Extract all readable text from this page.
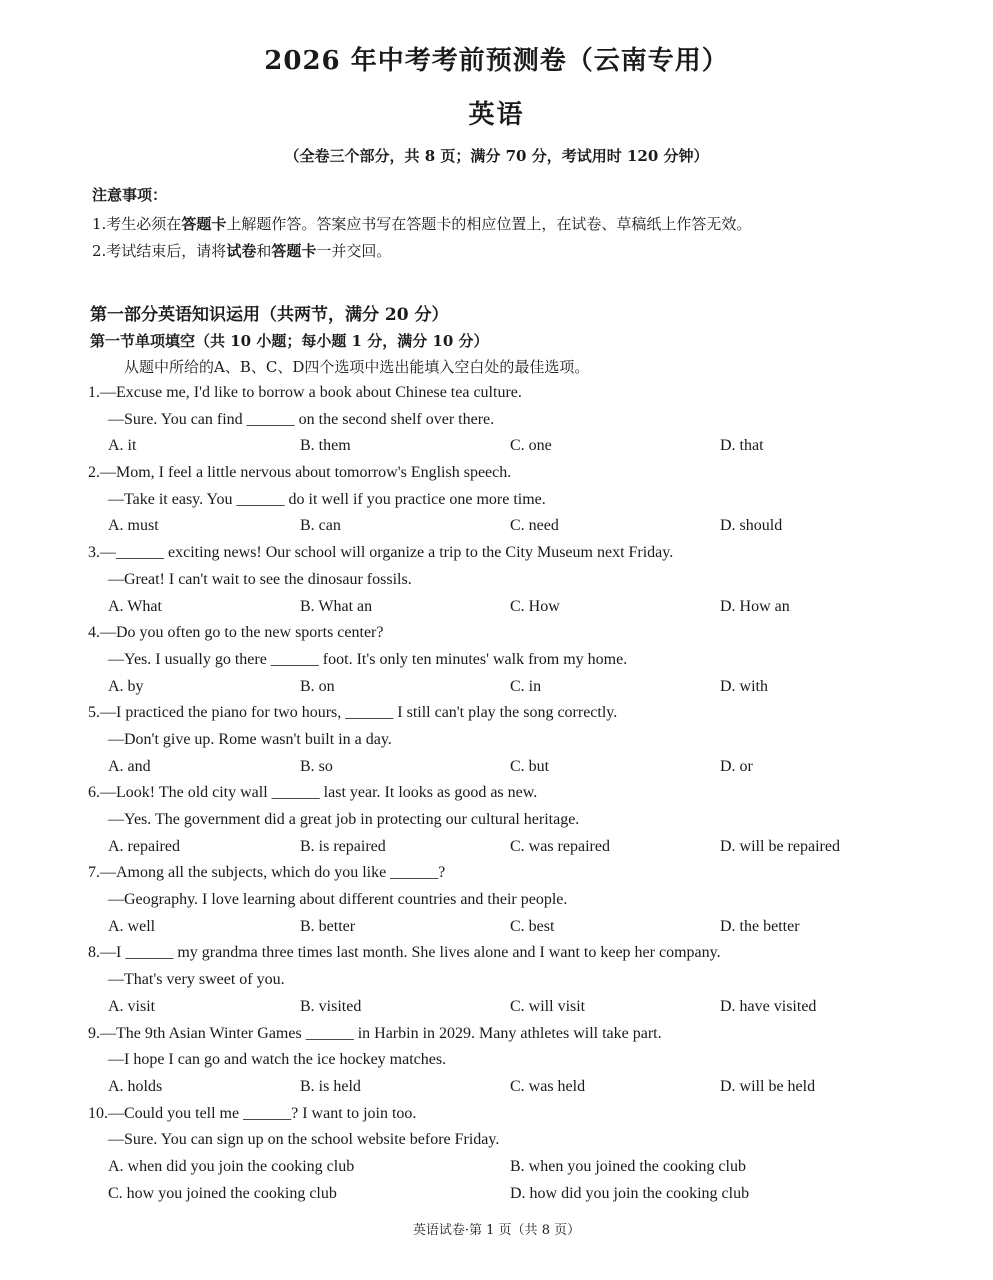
2026 年中考考前预测卷（云南专用）
英语
（全卷三个部分，共 8 页；满分 70 分，考试用时 120 分钟）
注意事项：
1.考生必须在答题卡上解题作答。答案应书写在答题卡的相应位置上，在试卷、草稿纸上作答无效。
2.考试结束后，请将试卷和答题卡一并交回。
第一部分英语知识运用（共两节，满分 20 分）
第一节单项填空（共 10 小题；每小题 1 分，满分 10 分）
从题中所给的A、B、C、D四个选项中选出能填入空白处的最佳选项。
1.—Excuse me, I'd like to borrow a book about Chinese tea culture.
—Sure. You can find ______ on the second shelf over there.
A. it	B. them	C. one	D. that
2.—Mom, I feel a little nervous about tomorrow's English speech.
—Take it easy. You ______ do it well if you practice one more time.
A. must	B. can	C. need	D. should
3.—______ exciting news! Our school will organize a trip to the City Museum next Friday.
—Great! I can't wait to see the dinosaur fossils.
A. What	B. What an	C. How	D. How an
4.—Do you often go to the new sports center?
—Yes. I usually go there ______ foot. It's only ten minutes' walk from my home.
A. by	B. on	C. in	D. with
5.—I practiced the piano for two hours, ______ I still can't play the song correctly.
—Don't give up. Rome wasn't built in a day.
A. and	B. so	C. but	D. or
6.—Look! The old city wall ______ last year. It looks as good as new.
—Yes. The government did a great job in protecting our cultural heritage.
A. repaired	B. is repaired	C. was repaired	D. will be repaired
7.—Among all the subjects, which do you like ______?
—Geography. I love learning about different countries and their people.
A. well	B. better	C. best	D. the better
8.—I ______ my grandma three times last month. She lives alone and I want to keep her company.
—That's very sweet of you.
A. visit	B. visited	C. will visit	D. have visited
9.—The 9th Asian Winter Games ______ in Harbin in 2029. Many athletes will take part.
—I hope I can go and watch the ice hockey matches.
A. holds	B. is held	C. was held	D. will be held
10.—Could you tell me ______? I want to join too.
—Sure. You can sign up on the school website before Friday.
A. when did you join the cooking club	B. when you joined the cooking club
C. how you joined the cooking club	D. how did you join the cooking club
英语试卷·第 1 页（共 8 页）
